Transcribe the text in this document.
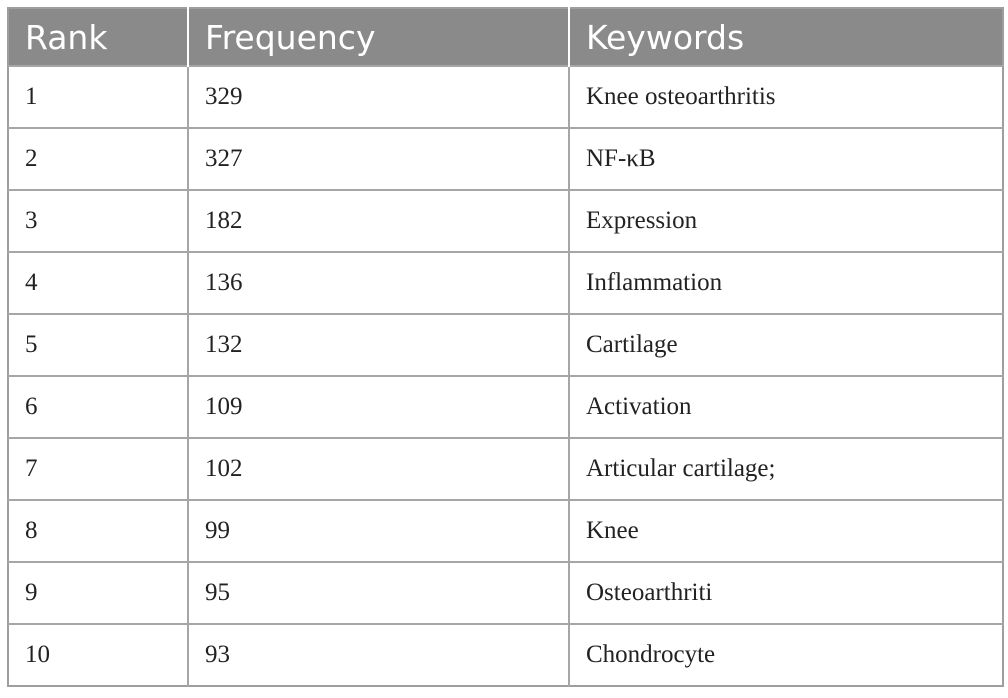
Rank	Frequency	Keywords
1	329	Knee osteoarthritis
2	327	NF-κB
3	182	Expression
4	136	Inflammation
5	132	Cartilage
6	109	Activation
7	102	Articular cartilage;
8	99	Knee
9	95	Osteoarthriti
10	93	Chondrocyte
